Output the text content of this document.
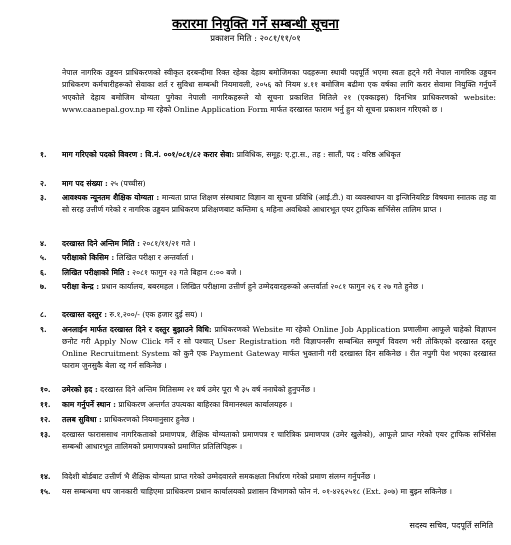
करारमा नियुक्ति गर्ने सम्बन्धी सूचना
प्रकाशन मिति : २०८१/११/०१
नेपाल नागरिक उड्डयन प्राधिकरणको स्वीकृत दरबन्दीमा रिक्त रहेका देहाय बमोजिमका पदहरूमा स्थायी पदपूर्ति भएमा स्वतः हट्ने गरी नेपाल नागरिक उड्डयन प्राधिकरण कर्मचारीहरूको सेवाका शर्त र सुविधा सम्बन्धी नियमावली, २०५६ को नियम ४.११ बमोजिम बढीमा एक वर्षका लागि करार सेवामा नियुक्ति गर्नुपर्ने भएकोले देहाय बमोजिम योग्यता पुगेका नेपाली नागरिकहरूले यो सूचना प्रकाशित मितिले २१ (एक्काइस) दिनभित्र प्राधिकरणको website: www.caanepal.gov.np मा रहेको Online Application Form मार्फत दरखास्त फाराम भर्नु हुन यो सूचना प्रकाशन गरिएको छ ।
१.	माग गरिएको पदको विवरण : वि.नं. ००१/०८१/८२ करार सेवा: प्राविधिक, समूह: ए.ट्रा.स., तह : सातौं, पद : वरिष्ठ अधिकृत
२.	माग पद संख्या : २५ (पच्चीस)
३.	आवश्यक न्यूनतम शैक्षिक योग्यता : मान्यता प्राप्त शिक्षण संस्थाबाट विज्ञान वा सूचना प्रविधि (आई.टी.) वा व्यवस्थापन वा इन्जिनियरिङ विषयमा स्नातक तह वा सो सरह उत्तीर्ण गरेको र नागरिक उड्डयन प्राधिकरण प्रशिक्षणबाट कम्तिमा ६ महिना अवधिको आधारभूत एयर ट्राफिक सर्भिसेस तालिम प्राप्त ।
४.	दरखास्त दिने अन्तिम मिति : २०८१/११/२१ गते ।
५.	परीक्षाको किसिम : लिखित परीक्षा र अन्तर्वार्ता ।
६.	लिखित परीक्षाको मिति : २०८१ फागुन २३ गते बिहान ८:०० बजे ।
७.	परीक्षा केन्द्र : प्रधान कार्यालय, बबरमहल । लिखित परीक्षामा उत्तीर्ण हुने उम्मेदवारहरूको अन्तर्वार्ता २०८१ फागुन २६ र २७ गते हुनेछ ।
८.	दरखास्त दस्तुर : रु.१,२००/- (एक हजार दुई सय) ।
९.	अनलाईन मार्फत दरखास्त दिने र दस्तुर बुझाउने विधि: प्राधिकरणको Website मा रहेको Online Job Application प्रणालीमा आफूले चाहेको विज्ञापन छनोट गरी Apply Now Click गर्ने र सो पश्चात् User Registration गरी विज्ञापनसँग सम्बन्धित सम्पूर्ण विवरण भरी तोकिएको दरखास्त दस्तुर Online Recruitment System को कुनै एक Payment Gateway मार्फत भुक्तानी गरी दरखास्त दिन सकिनेछ । रीत नपुगी पेश भएका दरखास्त फाराम जुनसुकै बेला रद्द गर्न सकिनेछ ।
१०.	उमेरको हद : दरखास्त दिने अन्तिम मितिसम्म २१ वर्ष उमेर पूरा भै ३५ वर्ष ननाघेको हुनुपर्नेछ ।
११.	काम गर्नुपर्ने स्थान : प्राधिकरण अन्तर्गत उपत्यका बाहिरका विमानस्थल कार्यालयहरु ।
१२.	तलब सुविधा : प्राधिकरणको नियमानुसार हुनेछ ।
१३.	दरखास्त फाराससाथ नागरिकताको प्रमाणपत्र, शैक्षिक योग्यताको प्रमाणपत्र र चारित्रिक प्रमाणपत्र (उमेर खुलेको), आफूले प्राप्त गरेको एयर ट्राफिक सर्भिसेस सम्बन्धी आधारभूत तालिमको प्रमाणपत्रको प्रमाणित प्रतिलिपिहरू ।
१४.	विदेशी बोर्डबाट उत्तीर्ण भै शैक्षिक योग्यता प्राप्त गरेको उम्मेदवारले समकक्षता निर्धारण गरेको प्रमाण संलग्न गर्नुपर्नेछ ।
१५.	यस सम्बन्धमा थप जानकारी चाहिएमा प्राधिकरण प्रधान कार्यालयको प्रशासन विभागको फोन नं. ०१-४२६२५१८ (Ext. ३०७) मा बुझ्न सकिनेछ ।
सदस्य सचिव, पदपूर्ति समिति
